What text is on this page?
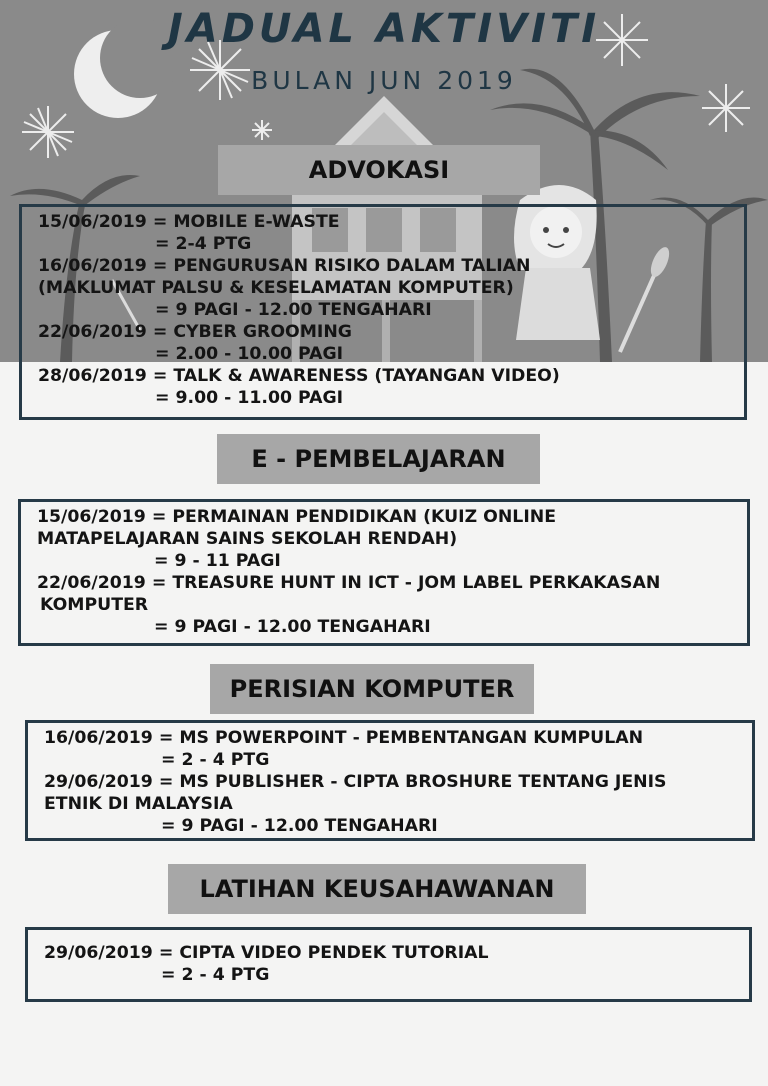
JADUAL AKTIVITI
BULAN JUN 2019
ADVOKASI

15/06/2019 = MOBILE E-WASTE

= 2-4 PTG

16/06/2019 = PENGURUSAN RISIKO DALAM TALIAN

(MAKLUMAT PALSU & KESELAMATAN KOMPUTER)

= 9 PAGI - 12.00 TENGAHARI

22/06/2019 = CYBER GROOMING

= 2.00 - 10.00 PAGI

28/06/2019 = TALK & AWARENESS (TAYANGAN VIDEO)

= 9.00 - 11.00 PAGI

E - PEMBELAJARAN

15/06/2019 = PERMAINAN PENDIDIKAN (KUIZ ONLINE

MATAPELAJARAN SAINS SEKOLAH RENDAH)

= 9 - 11 PAGI

22/06/2019 = TREASURE HUNT IN ICT - JOM LABEL PERKAKASAN

KOMPUTER

= 9 PAGI - 12.00 TENGAHARI

PERISIAN KOMPUTER

16/06/2019 = MS POWERPOINT - PEMBENTANGAN KUMPULAN

= 2 - 4 PTG

29/06/2019 = MS PUBLISHER - CIPTA BROSHURE TENTANG JENIS

ETNIK DI MALAYSIA

= 9 PAGI - 12.00 TENGAHARI

LATIHAN KEUSAHAWANAN

29/06/2019 = CIPTA VIDEO PENDEK TUTORIAL

= 2 - 4 PTG
